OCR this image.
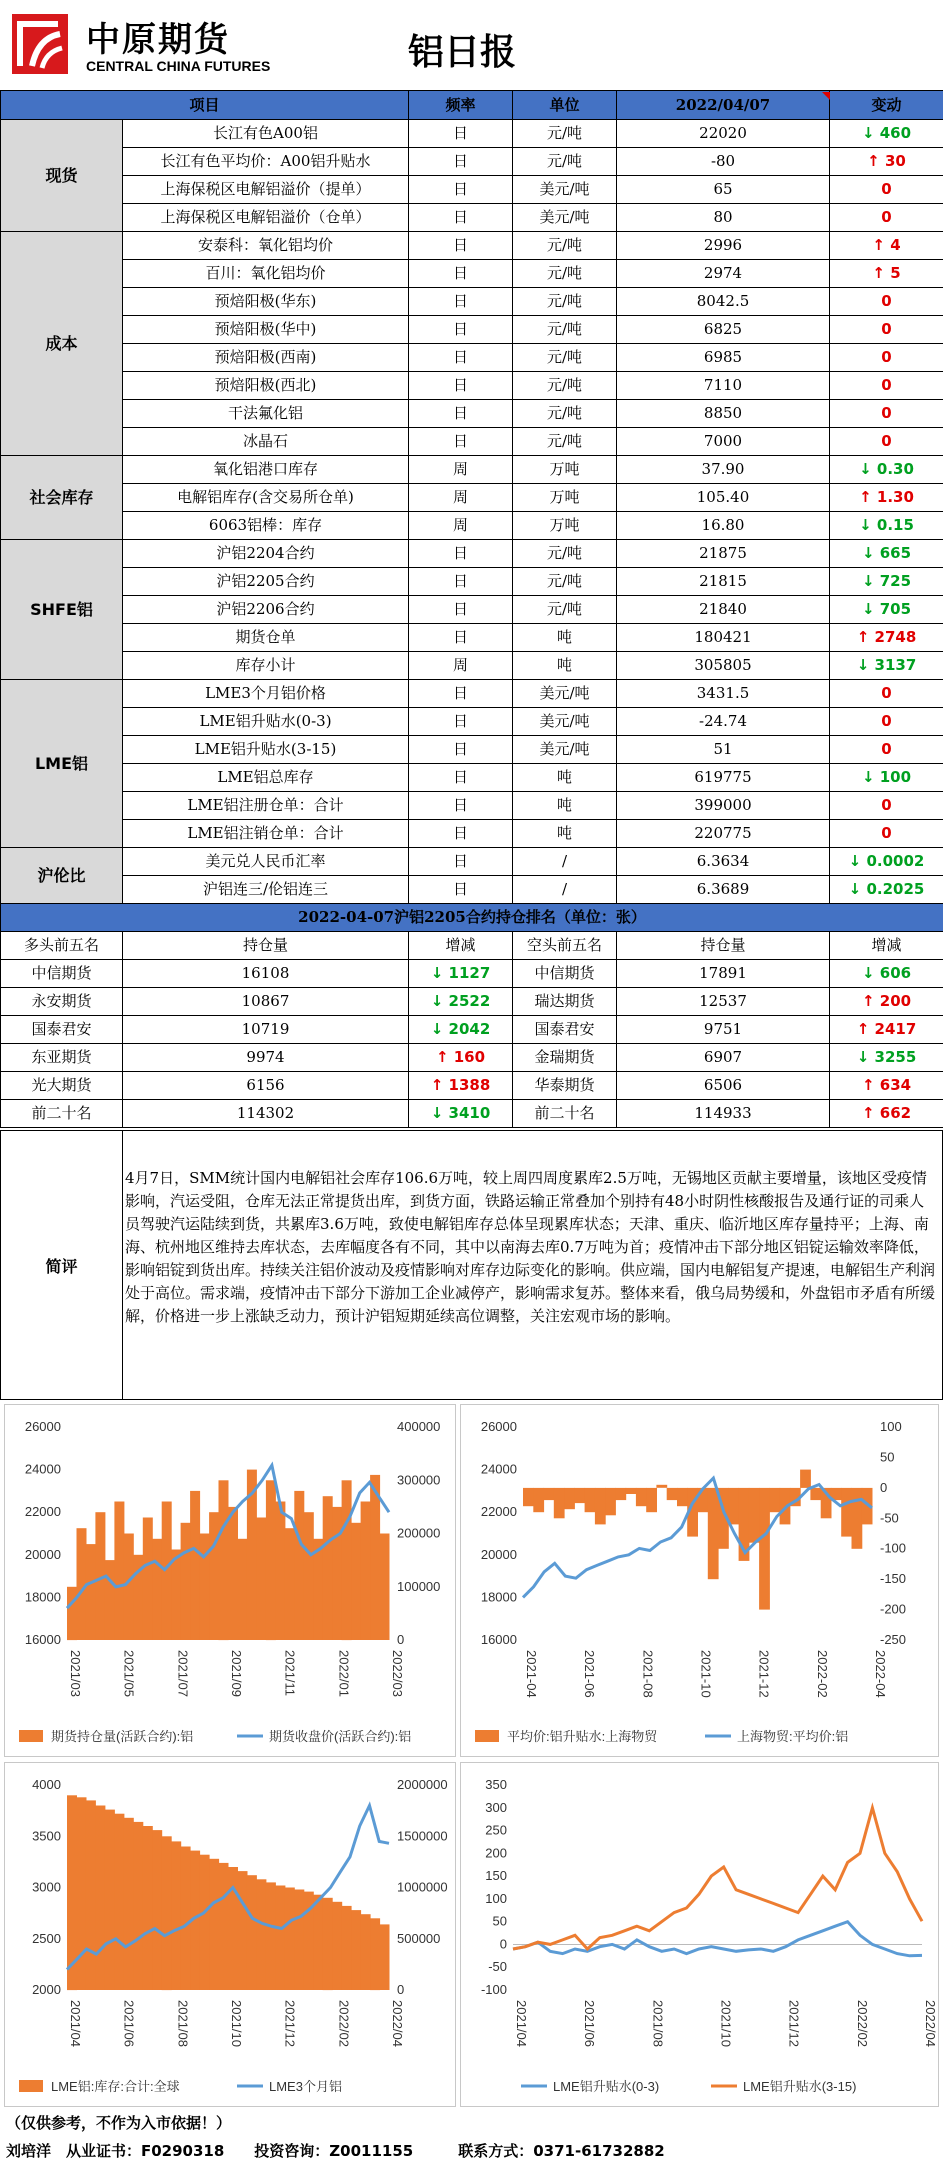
中原期货
CENTRAL CHINA FUTURES	铝日报
项目		频率	单位	2022/04/07	变动
现货	长江有色A00铝	日	元/吨	22020	↓ 460
	长江有色平均价：A00铝升贴水	日	元/吨	-80	↑ 30
	上海保税区电解铝溢价（提单）	日	美元/吨	65	0
	上海保税区电解铝溢价（仓单）	日	美元/吨	80	0
成本	安泰科：氧化铝均价	日	元/吨	2996	↑ 4
	百川：氧化铝均价	日	元/吨	2974	↑ 5
	预焙阳极(华东)	日	元/吨	8042.5	0
	预焙阳极(华中)	日	元/吨	6825	0
	预焙阳极(西南)	日	元/吨	6985	0
	预焙阳极(西北)	日	元/吨	7110	0
	干法氟化铝	日	元/吨	8850	0
	冰晶石	日	元/吨	7000	0
社会库存	氧化铝港口库存	周	万吨	37.90	↓ 0.30
	电解铝库存(含交易所仓单)	周	万吨	105.40	↑ 1.30
	6063铝棒：库存	周	万吨	16.80	↓ 0.15
SHFE铝	沪铝2204合约	日	元/吨	21875	↓ 665
	沪铝2205合约	日	元/吨	21815	↓ 725
	沪铝2206合约	日	元/吨	21840	↓ 705
	期货仓单	日	吨	180421	↑ 2748
	库存小计	周	吨	305805	↓ 3137
LME铝	LME3个月铝价格	日	美元/吨	3431.5	0
	LME铝升贴水(0-3)	日	美元/吨	-24.74	0
	LME铝升贴水(3-15)	日	美元/吨	51	0
	LME铝总库存	日	吨	619775	↓ 100
	LME铝注册仓单：合计	日	吨	399000	0
	LME铝注销仓单：合计	日	吨	220775	0
沪伦比	美元兑人民币汇率	日	/	6.3634	↓ 0.0002
	沪铝连三/伦铝连三	日	/	6.3689	↓ 0.2025
2022-04-07沪铝2205合约持仓排名（单位：张）					
多头前五名	持仓量	增减	空头前五名	持仓量	增减
中信期货	16108	↓ 1127	中信期货	17891	↓ 606
永安期货	10867	↓ 2522	瑞达期货	12537	↑ 200
国泰君安	10719	↓ 2042	国泰君安	9751	↑ 2417
东亚期货	9974	↑ 160	金瑞期货	6907	↓ 3255
光大期货	6156	↑ 1388	华泰期货	6506	↑ 634
前二十名	114302	↓ 3410	前二十名	114933	↑ 662
简评
4月7日，SMM统计国内电解铝社会库存106.6万吨，较上周四周度累库2.5万吨，无锡地区贡献主要增量，该地区受疫情影响，汽运受阻，仓库无法正常提货出库，到货方面，铁路运输正常叠加个别持有48小时阴性核酸报告及通行证的司乘人员驾驶汽运陆续到货，共累库3.6万吨，致使电解铝库存总体呈现累库状态；天津、重庆、临沂地区库存量持平；上海、南海、杭州地区维持去库状态，去库幅度各有不同，其中以南海去库0.7万吨为首；疫情冲击下部分地区铝锭运输效率降低，影响铝锭到货出库。持续关注铝价波动及疫情影响对库存边际变化的影响。供应端，国内电解铝复产提速，电解铝生产利润处于高位。需求端，疫情冲击下部分下游加工企业减停产，影响需求复苏。整体来看，俄乌局势缓和，外盘铝市矛盾有所缓解，价格进一步上涨缺乏动力，预计沪铝短期延续高位调整，关注宏观市场的影响。
16000
18000
20000
22000
24000
26000
0
100000
200000
300000
400000
2021/03	2021/05	2021/07	2021/09	2021/11	2022/01	2022/03
期货持仓量(活跃合约):铝	期货收盘价(活跃合约):铝
16000
18000
20000
22000
24000
26000
-250
-200
-150
-100
-50
0
50
100
2021-04	2021-06	2021-08	2021-10	2021-12	2022-02	2022-04
平均价:铝升贴水:上海物贸	上海物贸:平均价:铝
2000
2500
3000
3500
4000
0
500000
1000000
1500000
2000000
2021/04	2021/06	2021/08	2021/10	2021/12	2022/02	2022/04
LME铝:库存:合计:全球	LME3个月铝
-100
-50
0
50
100
150
200
250
300
350
2021/04	2021/06	2021/08	2021/10	2021/12	2022/02	2022/04
LME铝升贴水(0-3)	LME铝升贴水(3-15)
（仅供参考，不作为入市依据！）
刘培洋　从业证书：F0290318　　投资咨询：Z0011155　　　联系方式：0371-61732882
